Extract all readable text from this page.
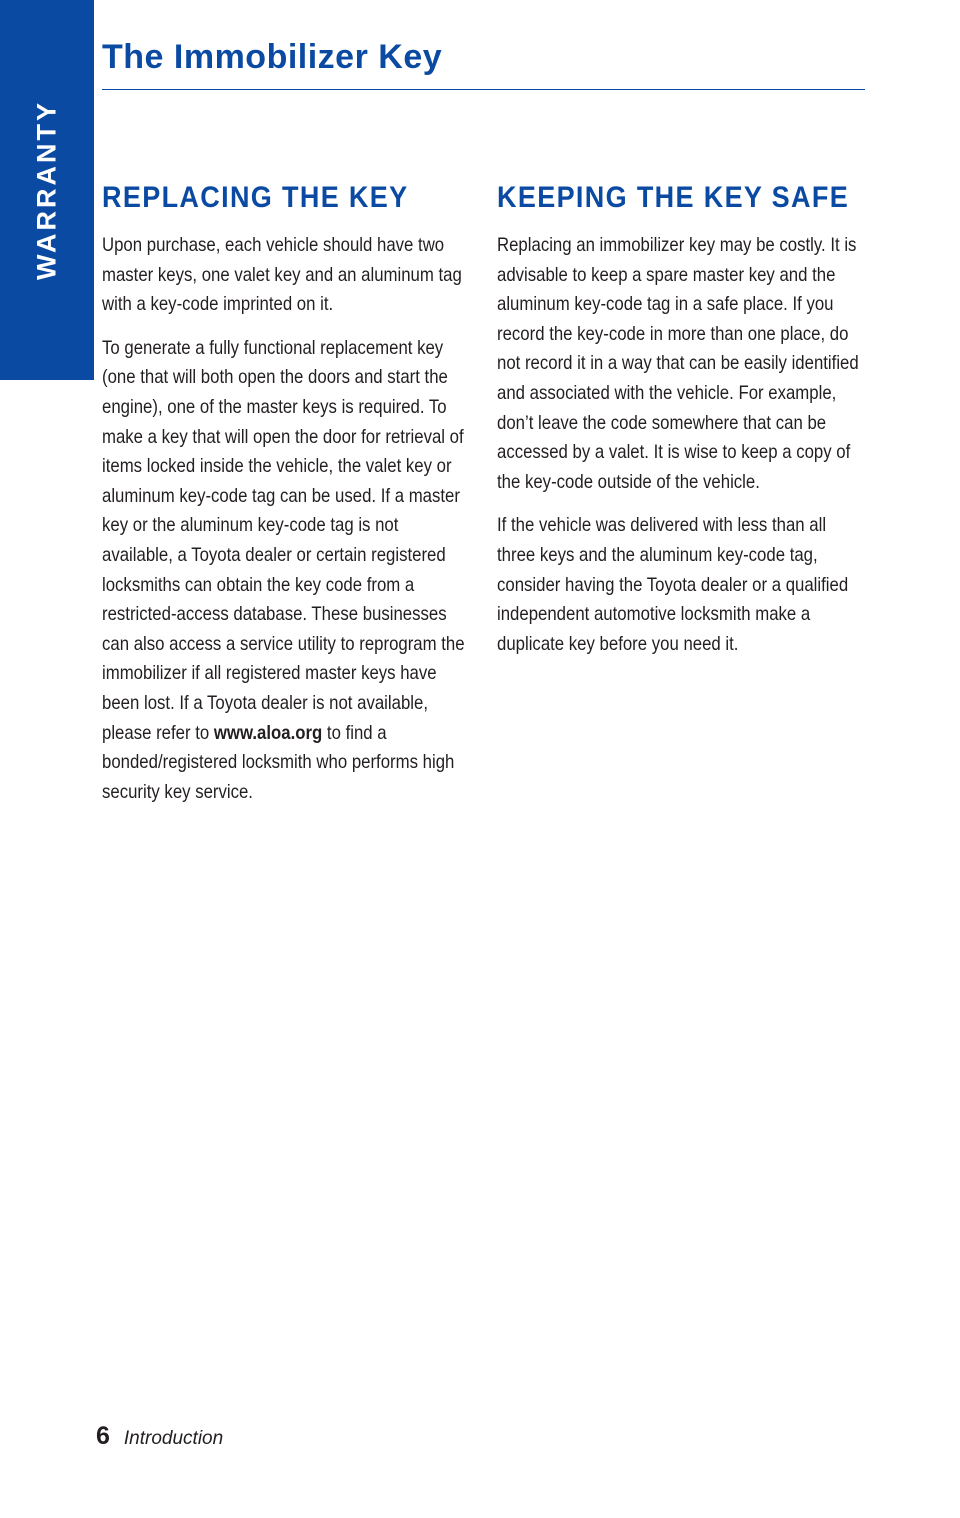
WARRANTY
The Immobilizer Key
REPLACING THE KEY

Upon purchase, each vehicle should have two master keys, one valet key and an aluminum tag with a key-code imprinted on it.

To generate a fully functional replacement key (one that will both open the doors and start the engine), one of the master keys is required. To make a key that will open the door for retrieval of items locked inside the vehicle, the valet key or aluminum key-code tag can be used. If a master key or the aluminum key-code tag is not available, a Toyota dealer or certain registered locksmiths can obtain the key code from a restricted-access database. These businesses can also access a service utility to reprogram the immobilizer if all registered master keys have been lost. If a Toyota dealer is not available, please refer to www.aloa.org to find a bonded/registered locksmith who performs high security key service.

KEEPING THE KEY SAFE

Replacing an immobilizer key may be costly. It is advisable to keep a spare master key and the aluminum key-code tag in a safe place. If you record the key-code in more than one place, do not record it in a way that can be easily identified and associated with the vehicle. For example, don’t leave the code somewhere that can be accessed by a valet. It is wise to keep a copy of the key-code outside of the vehicle.

If the vehicle was delivered with less than all three keys and the aluminum key-code tag, consider having the Toyota dealer or a qualified independent automotive locksmith make a duplicate key before you need it.

6 Introduction
